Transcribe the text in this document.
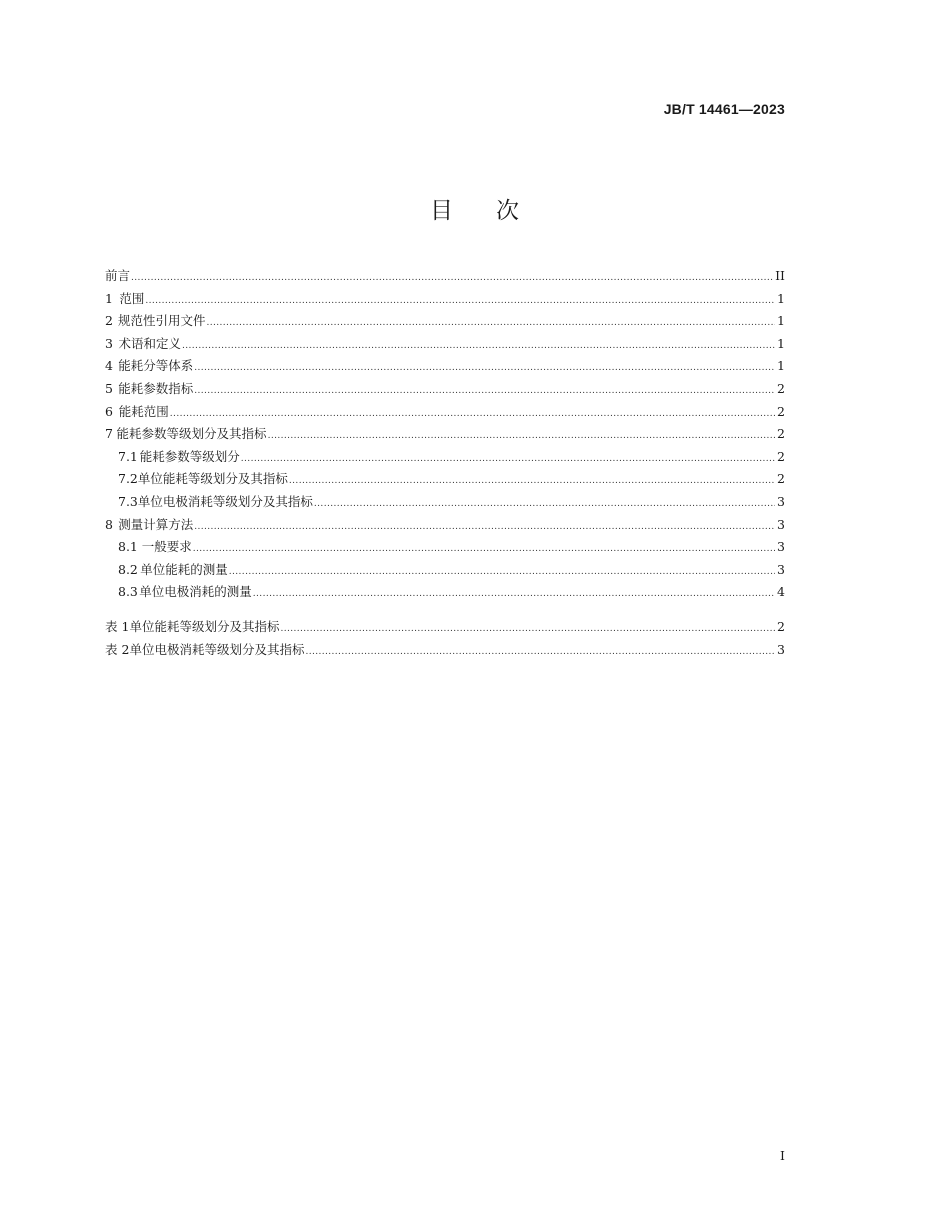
JB/T 14461—2023
目 次
前言 .....	II
1 范围 .....	1
2 规范性引用文件 .....	1
3 术语和定义 .....	1
4 能耗分等体系 .....	1
5 能耗参数指标 .....	2
6 能耗范围 .....	2
7 能耗参数等级划分及其指标 .....	2
7.1 能耗参数等级划分 .....	2
7.2 单位能耗等级划分及其指标 .....	2
7.3 单位电极消耗等级划分及其指标 .....	3
8 测量计算方法 .....	3
8.1 一般要求 .....	3
8.2 单位能耗的测量 .....	3
8.3 单位电极消耗的测量 .....	4
表 1 单位能耗等级划分及其指标 .....	2
表 2 单位电极消耗等级划分及其指标 .....	3
I
